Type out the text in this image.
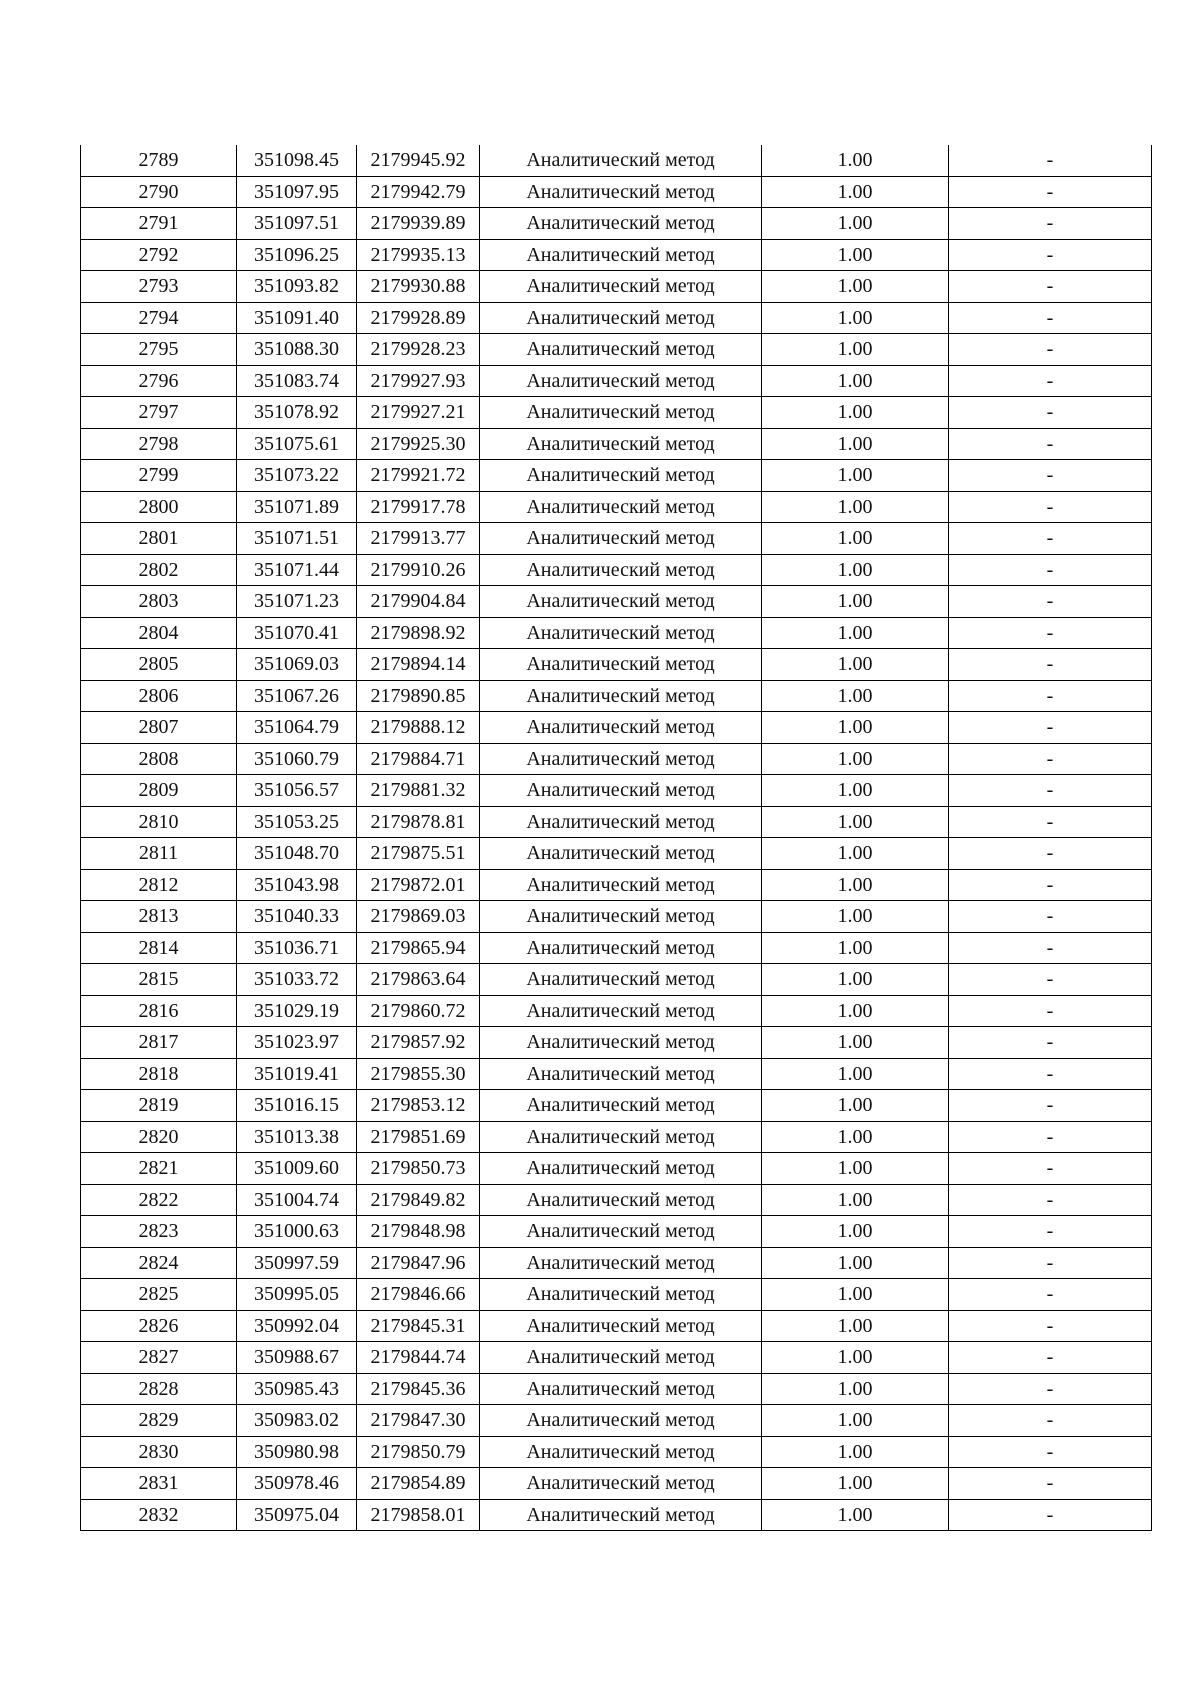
2789	351098.45	2179945.92	Аналитический метод	1.00	-
2790	351097.95	2179942.79	Аналитический метод	1.00	-
2791	351097.51	2179939.89	Аналитический метод	1.00	-
2792	351096.25	2179935.13	Аналитический метод	1.00	-
2793	351093.82	2179930.88	Аналитический метод	1.00	-
2794	351091.40	2179928.89	Аналитический метод	1.00	-
2795	351088.30	2179928.23	Аналитический метод	1.00	-
2796	351083.74	2179927.93	Аналитический метод	1.00	-
2797	351078.92	2179927.21	Аналитический метод	1.00	-
2798	351075.61	2179925.30	Аналитический метод	1.00	-
2799	351073.22	2179921.72	Аналитический метод	1.00	-
2800	351071.89	2179917.78	Аналитический метод	1.00	-
2801	351071.51	2179913.77	Аналитический метод	1.00	-
2802	351071.44	2179910.26	Аналитический метод	1.00	-
2803	351071.23	2179904.84	Аналитический метод	1.00	-
2804	351070.41	2179898.92	Аналитический метод	1.00	-
2805	351069.03	2179894.14	Аналитический метод	1.00	-
2806	351067.26	2179890.85	Аналитический метод	1.00	-
2807	351064.79	2179888.12	Аналитический метод	1.00	-
2808	351060.79	2179884.71	Аналитический метод	1.00	-
2809	351056.57	2179881.32	Аналитический метод	1.00	-
2810	351053.25	2179878.81	Аналитический метод	1.00	-
2811	351048.70	2179875.51	Аналитический метод	1.00	-
2812	351043.98	2179872.01	Аналитический метод	1.00	-
2813	351040.33	2179869.03	Аналитический метод	1.00	-
2814	351036.71	2179865.94	Аналитический метод	1.00	-
2815	351033.72	2179863.64	Аналитический метод	1.00	-
2816	351029.19	2179860.72	Аналитический метод	1.00	-
2817	351023.97	2179857.92	Аналитический метод	1.00	-
2818	351019.41	2179855.30	Аналитический метод	1.00	-
2819	351016.15	2179853.12	Аналитический метод	1.00	-
2820	351013.38	2179851.69	Аналитический метод	1.00	-
2821	351009.60	2179850.73	Аналитический метод	1.00	-
2822	351004.74	2179849.82	Аналитический метод	1.00	-
2823	351000.63	2179848.98	Аналитический метод	1.00	-
2824	350997.59	2179847.96	Аналитический метод	1.00	-
2825	350995.05	2179846.66	Аналитический метод	1.00	-
2826	350992.04	2179845.31	Аналитический метод	1.00	-
2827	350988.67	2179844.74	Аналитический метод	1.00	-
2828	350985.43	2179845.36	Аналитический метод	1.00	-
2829	350983.02	2179847.30	Аналитический метод	1.00	-
2830	350980.98	2179850.79	Аналитический метод	1.00	-
2831	350978.46	2179854.89	Аналитический метод	1.00	-
2832	350975.04	2179858.01	Аналитический метод	1.00	-
